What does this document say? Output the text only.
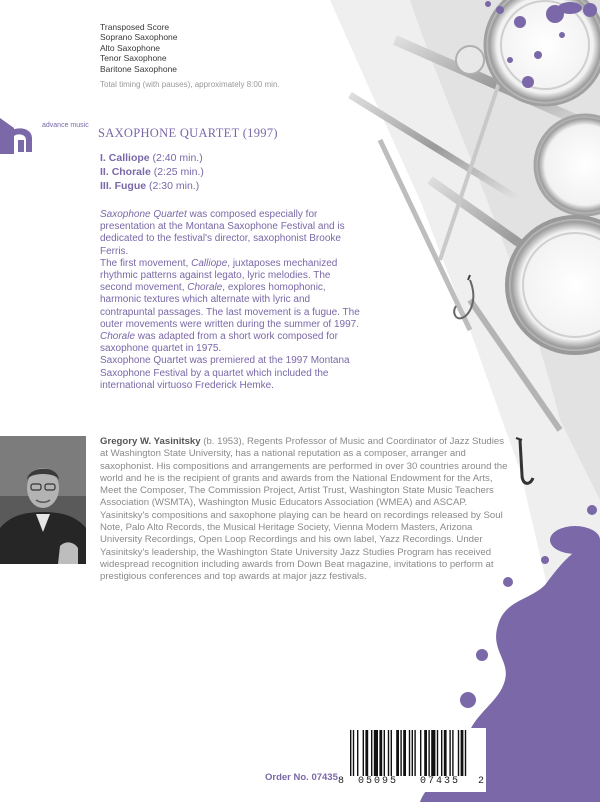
Transposed Score
Soprano Saxophone
Alto Saxophone
Tenor Saxophone
Baritone Saxophone
Total timing (with pauses), approximately 8:00 min.
advance music
SAXOPHONE QUARTET (1997)
I. Calliope (2:40 min.)
II. Chorale (2:25 min.)
III. Fugue (2:30 min.)

Saxophone Quartet was composed especially for presentation at the Montana Saxophone Festival and is dedicated to the festival's director, saxophonist Brooke Ferris.

The first movement, Calliope, juxtaposes mechanized rhythmic patterns against legato, lyric melodies. The second movement, Chorale, explores homophonic, harmonic textures which alternate with lyric and contrapuntal passages. The last movement is a fugue. The outer movements were written during the summer of 1997. Chorale was adapted from a short work composed for saxophone quartet in 1975.

Saxophone Quartet was premiered at the 1997 Montana Saxophone Festival by a quartet which included the international virtuoso Frederick Hemke.

Gregory W. Yasinitsky (b. 1953), Regents Professor of Music and Coordinator of Jazz Studies at Washington State University, has a national reputation as a composer, arranger and saxophonist. His compositions and arrangements are performed in over 30 countries around the world and he is the recipient of grants and awards from the National Endowment for the Arts, Meet the Composer, The Commission Project, Artist Trust, Washington State Music Teachers Association (WSMTA), Washington Music Educators Association (WMEA) and ASCAP. Yasinitsky's compositions and saxophone playing can be heard on recordings released by Soul Note, Palo Alto Records, the Musical Heritage Society, Vienna Modern Masters, Arizona University Recordings, Open Loop Recordings and his own label, Yazz Recordings. Under Yasinitsky's leadership, the Washington State University Jazz Studies Program has received widespread recognition including awards from Down Beat magazine, invitations to perform at prestigious conferences and top awards at major jazz festivals.
Order No. 07435 8 05095 07435 2
